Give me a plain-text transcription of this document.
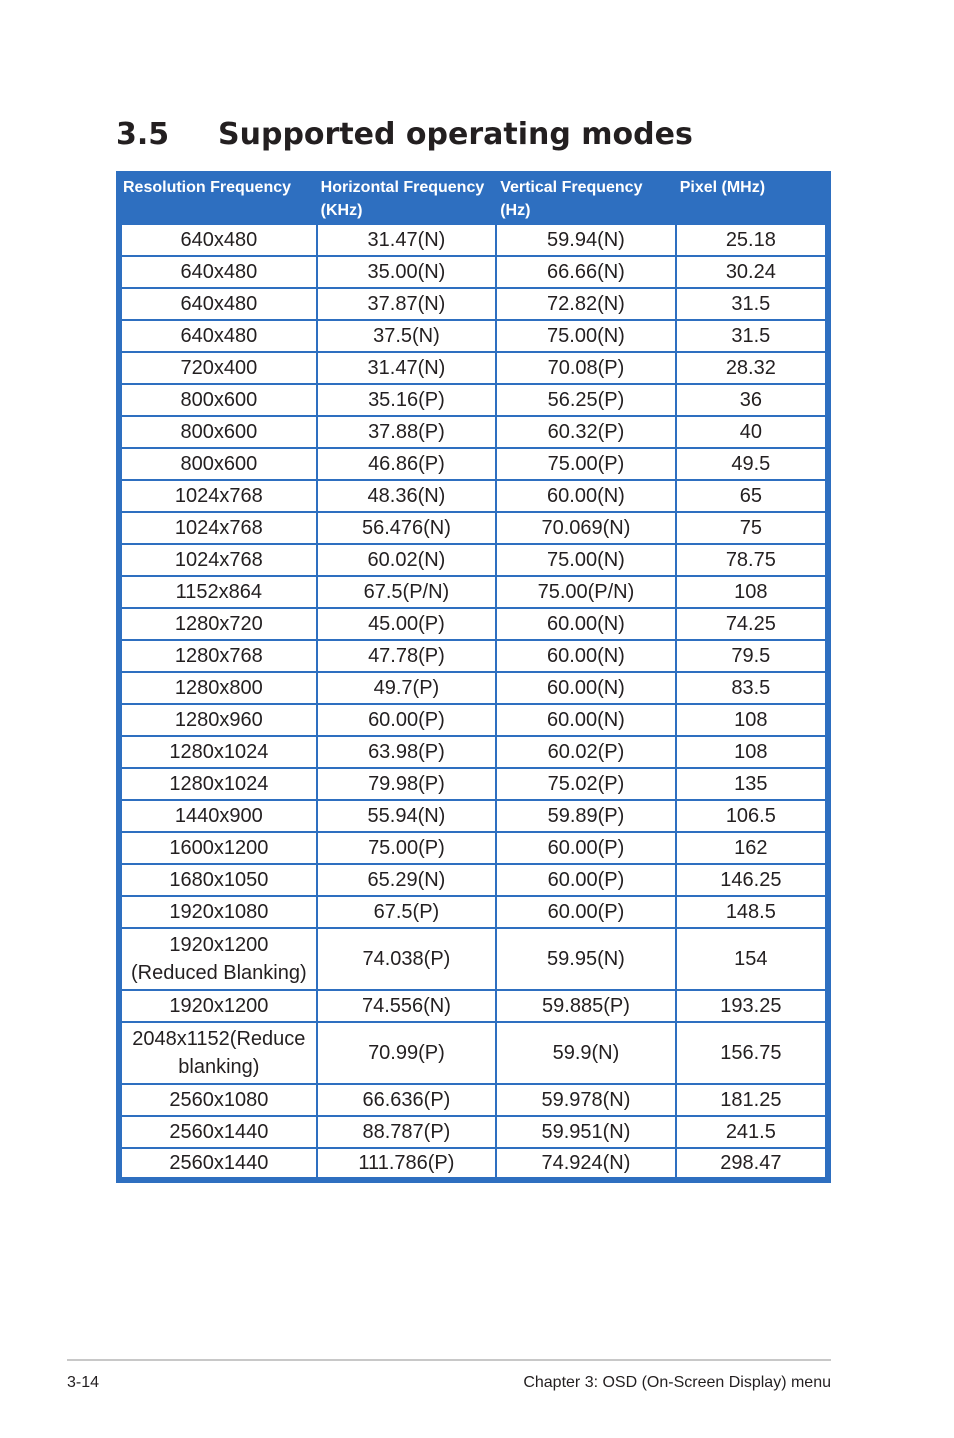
3.5 Supported operating modes
Resolution Frequency	Horizontal Frequency (KHz)	Vertical Frequency (Hz)	Pixel (MHz)
640x480	31.47(N)	59.94(N)	25.18
640x480	35.00(N)	66.66(N)	30.24
640x480	37.87(N)	72.82(N)	31.5
640x480	37.5(N)	75.00(N)	31.5
720x400	31.47(N)	70.08(P)	28.32
800x600	35.16(P)	56.25(P)	36
800x600	37.88(P)	60.32(P)	40
800x600	46.86(P)	75.00(P)	49.5
1024x768	48.36(N)	60.00(N)	65
1024x768	56.476(N)	70.069(N)	75
1024x768	60.02(N)	75.00(N)	78.75
1152x864	67.5(P/N)	75.00(P/N)	108
1280x720	45.00(P)	60.00(N)	74.25
1280x768	47.78(P)	60.00(N)	79.5
1280x800	49.7(P)	60.00(N)	83.5
1280x960	60.00(P)	60.00(N)	108
1280x1024	63.98(P)	60.02(P)	108
1280x1024	79.98(P)	75.02(P)	135
1440x900	55.94(N)	59.89(P)	106.5
1600x1200	75.00(P)	60.00(P)	162
1680x1050	65.29(N)	60.00(P)	146.25
1920x1080	67.5(P)	60.00(P)	148.5
1920x1200 (Reduced Blanking)	74.038(P)	59.95(N)	154
1920x1200	74.556(N)	59.885(P)	193.25
2048x1152(Reduce blanking)	70.99(P)	59.9(N)	156.75
2560x1080	66.636(P)	59.978(N)	181.25
2560x1440	88.787(P)	59.951(N)	241.5
2560x1440	111.786(P)	74.924(N)	298.47
3-14	Chapter 3: OSD (On-Screen Display) menu
